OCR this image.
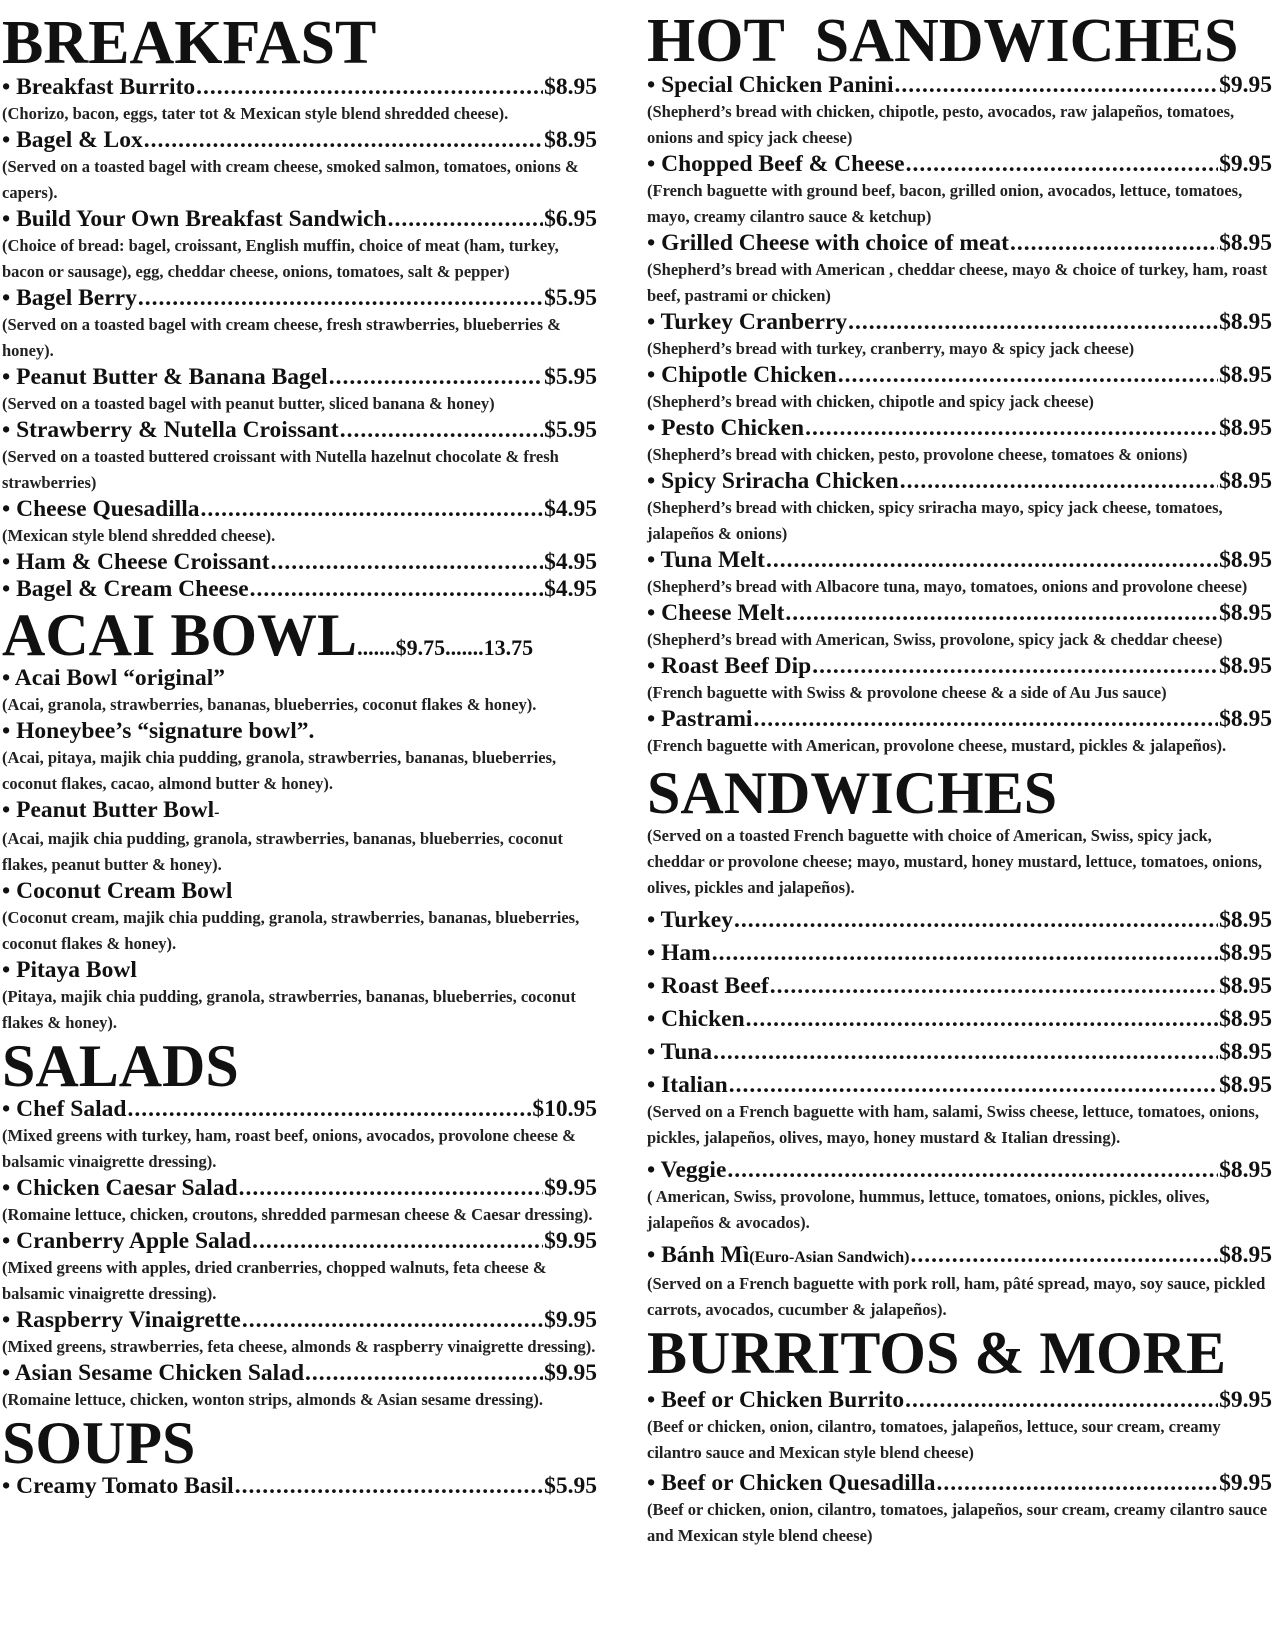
BREAKFAST
• Breakfast Burrito .....	$8.95
(Chorizo, bacon, eggs, tater tot & Mexican style blend shredded cheese).
• Bagel & Lox .....	$8.95
(Served on a toasted bagel with cream cheese, smoked salmon, tomatoes, onions & capers).
• Build Your Own Breakfast Sandwich .....	$6.95
(Choice of bread: bagel, croissant, English muffin, choice of meat (ham, turkey, bacon or sausage), egg, cheddar cheese, onions, tomatoes, salt & pepper)
• Bagel Berry .....	$5.95
(Served on a toasted bagel with cream cheese, fresh strawberries, blueberries & honey).
• Peanut Butter & Banana Bagel .....	$5.95
(Served on a toasted bagel with peanut butter, sliced banana & honey)
• Strawberry & Nutella Croissant .....	$5.95
(Served on a toasted buttered croissant with Nutella hazelnut chocolate & fresh strawberries)
• Cheese Quesadilla .....	$4.95
(Mexican style blend shredded cheese).
• Ham & Cheese Croissant .....	$4.95
• Bagel & Cream Cheese .....	$4.95
ACAI BOWL ....... $9.75 ....... 13.75
• Acai Bowl “original”
(Acai, granola, strawberries, bananas, blueberries, coconut flakes & honey).
• Honeybee’s “signature bowl”.
(Acai, pitaya, majik chia pudding, granola, strawberries, bananas, blueberries, coconut flakes, cacao, almond butter & honey).
• Peanut Butter Bowl -
(Acai, majik chia pudding, granola, strawberries, bananas, blueberries, coconut flakes, peanut butter & honey).
• Coconut Cream Bowl
(Coconut cream, majik chia pudding, granola, strawberries, bananas, blueberries, coconut flakes & honey).
• Pitaya Bowl
(Pitaya, majik chia pudding, granola, strawberries, bananas, blueberries, coconut flakes & honey).
SALADS
• Chef Salad .....	$10.95
(Mixed greens with turkey, ham, roast beef, onions, avocados, provolone cheese & balsamic vinaigrette dressing).
• Chicken Caesar Salad .....	$9.95
(Romaine lettuce, chicken, croutons, shredded parmesan cheese & Caesar dressing).
• Cranberry Apple Salad .....	$9.95
(Mixed greens with apples, dried cranberries, chopped walnuts, feta cheese & balsamic vinaigrette dressing).
• Raspberry Vinaigrette .....	$9.95
(Mixed greens, strawberries, feta cheese, almonds & raspberry vinaigrette dressing).
• Asian Sesame Chicken Salad .....	$9.95
(Romaine lettuce, chicken, wonton strips, almonds & Asian sesame dressing).
SOUPS
• Creamy Tomato Basil .....	$5.95
HOT  SANDWICHES
• Special Chicken Panini .....	$9.95
(Shepherd’s bread with chicken, chipotle, pesto, avocados, raw jalapeños, tomatoes, onions and spicy jack cheese)
• Chopped Beef & Cheese .....	$9.95
(French baguette with ground beef, bacon, grilled onion, avocados, lettuce, tomatoes, mayo, creamy cilantro sauce & ketchup)
• Grilled Cheese with choice of meat .....	$8.95
(Shepherd’s bread with American , cheddar cheese, mayo & choice of turkey, ham, roast beef, pastrami or chicken)
• Turkey Cranberry .....	$8.95
(Shepherd’s bread with turkey, cranberry, mayo & spicy jack cheese)
• Chipotle Chicken .....	$8.95
(Shepherd’s bread with chicken, chipotle and spicy jack cheese)
• Pesto Chicken .....	$8.95
(Shepherd’s bread with chicken, pesto, provolone cheese, tomatoes & onions)
• Spicy Sriracha Chicken .....	$8.95
(Shepherd’s bread with chicken, spicy sriracha mayo, spicy jack cheese, tomatoes, jalapeños & onions)
• Tuna Melt .....	$8.95
(Shepherd’s bread with Albacore tuna, mayo, tomatoes, onions and provolone cheese)
• Cheese Melt .....	$8.95
(Shepherd’s bread with American, Swiss, provolone, spicy jack & cheddar cheese)
• Roast Beef Dip .....	$8.95
(French baguette with Swiss & provolone cheese & a side of Au Jus sauce)
• Pastrami .....	$8.95
(French baguette with American, provolone cheese, mustard, pickles & jalapeños).
SANDWICHES
(Served on a toasted French baguette with choice of American, Swiss, spicy jack, cheddar or provolone cheese; mayo, mustard, honey mustard, lettuce, tomatoes, onions, olives, pickles and jalapeños).
• Turkey .....	$8.95
• Ham .....	$8.95
• Roast Beef .....	$8.95
• Chicken .....	$8.95
• Tuna .....	$8.95
• Italian .....	$8.95
(Served on a French baguette with ham, salami, Swiss cheese, lettuce, tomatoes, onions, pickles, jalapeños, olives, mayo, honey mustard & Italian dressing).
• Veggie .....	$8.95
( American, Swiss, provolone, hummus, lettuce, tomatoes, onions, pickles, olives, jalapeños & avocados).
• Bánh Mì (Euro-Asian Sandwich) .....	$8.95
(Served on a French baguette with pork roll, ham, pâté spread, mayo, soy sauce, pickled carrots, avocados, cucumber & jalapeños).
BURRITOS & MORE
• Beef or Chicken Burrito .....	$9.95
(Beef or chicken, onion, cilantro, tomatoes, jalapeños, lettuce, sour cream, creamy cilantro sauce and Mexican style blend cheese)
• Beef or Chicken Quesadilla .....	$9.95
(Beef or chicken, onion, cilantro, tomatoes, jalapeños, sour cream, creamy cilantro sauce and Mexican style blend cheese)
